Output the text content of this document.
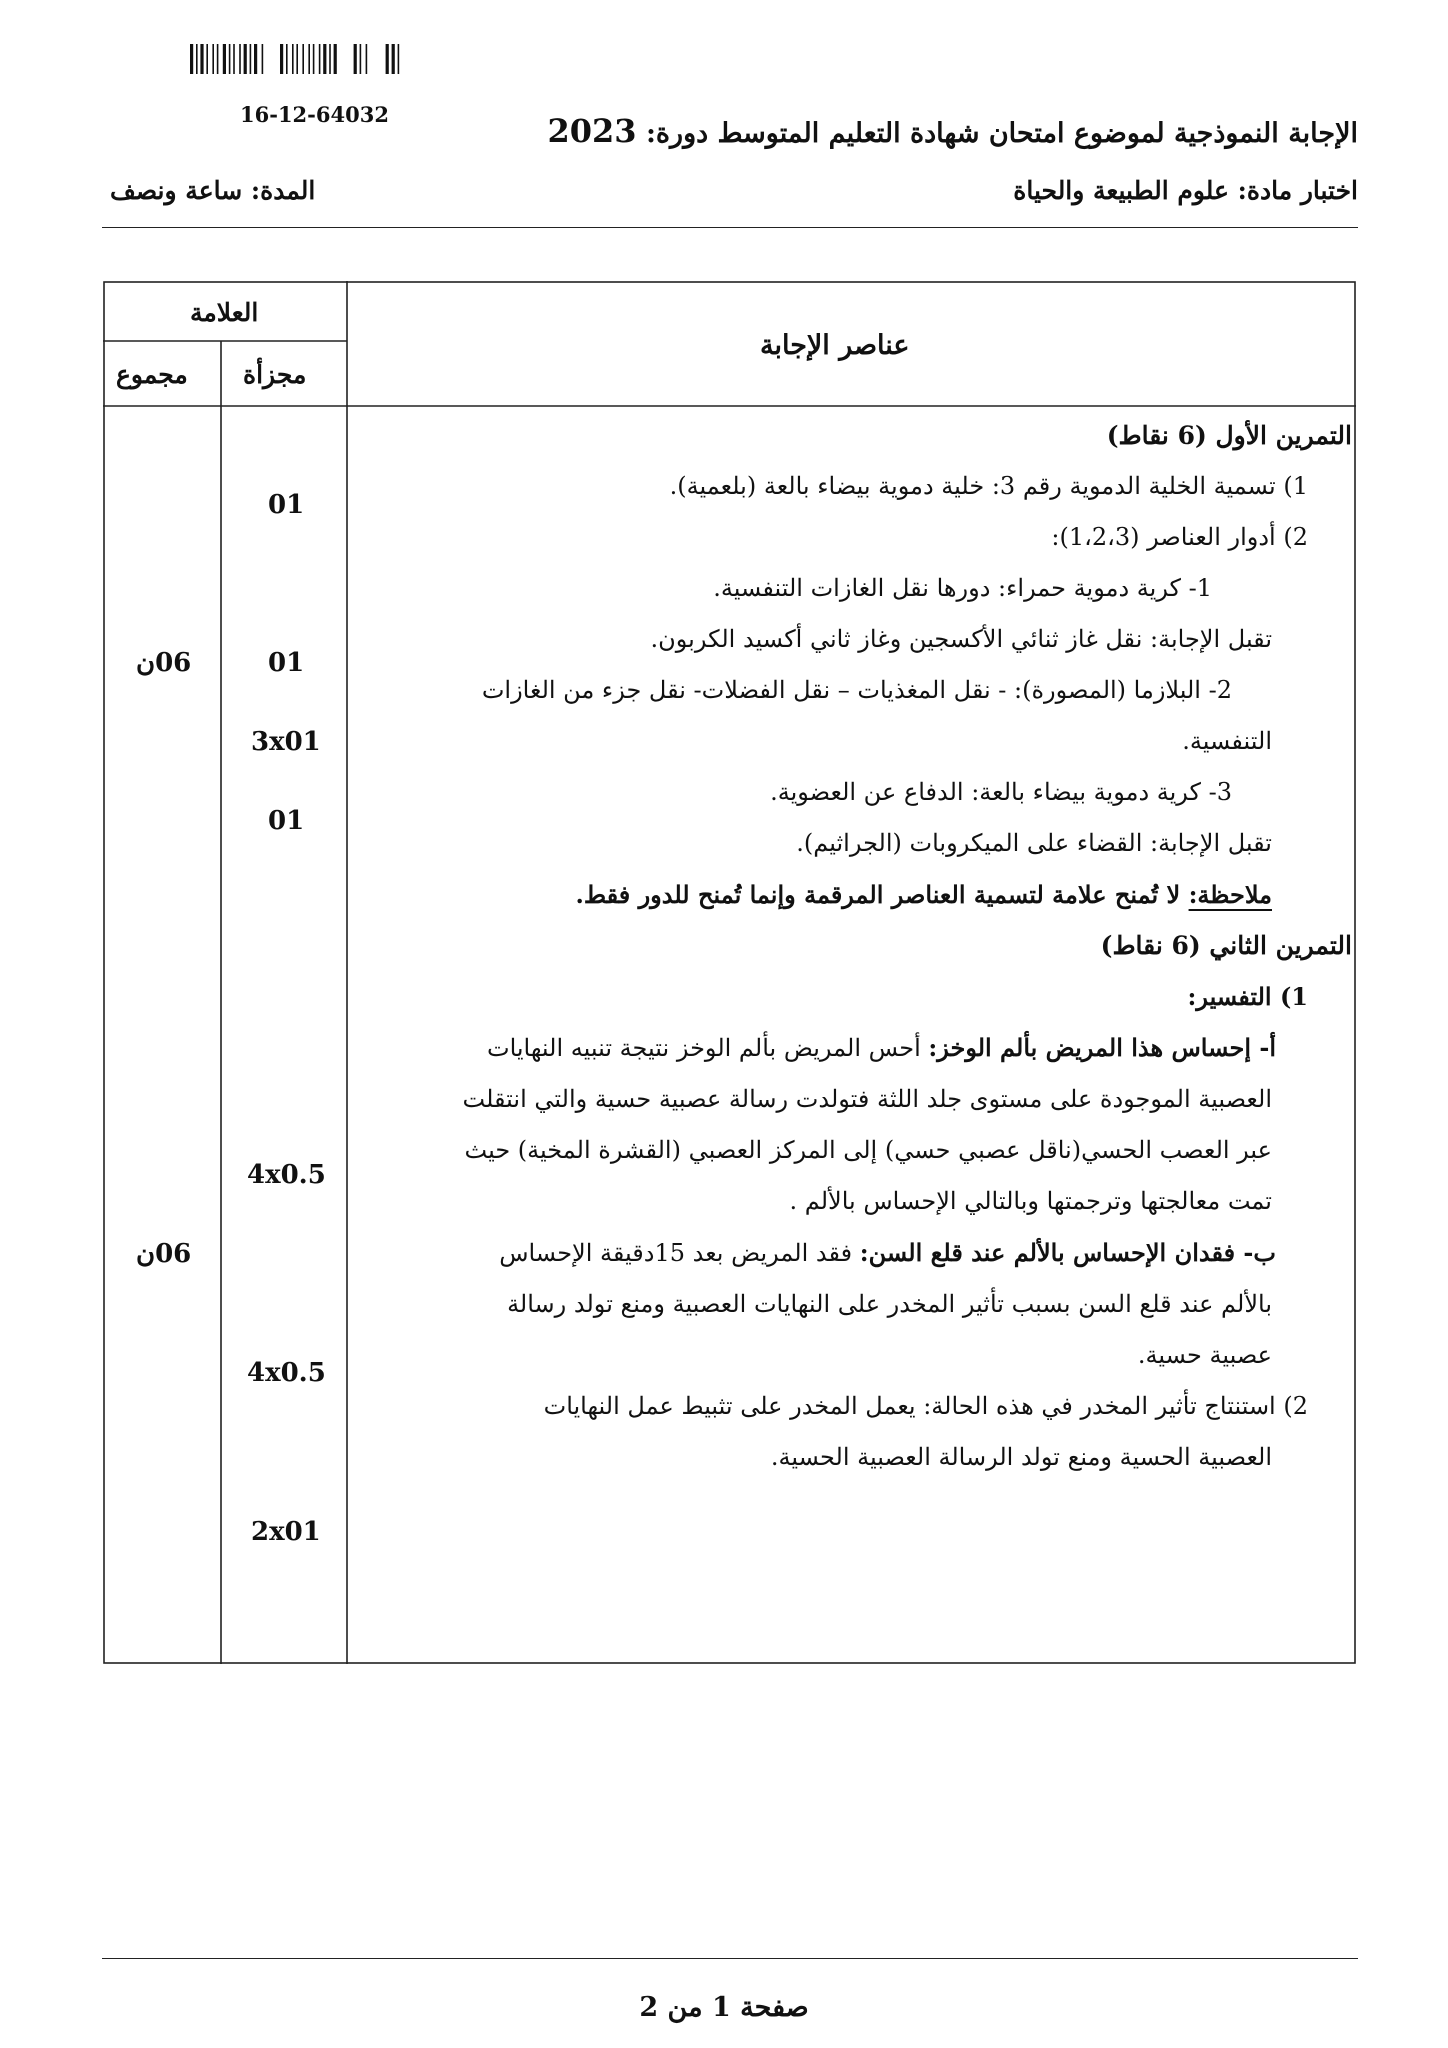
16-12-64032
الإجابة النموذجية لموضوع امتحان شهادة التعليم المتوسط دورة: 2023
اختبار مادة: علوم الطبيعة والحياة
المدة: ساعة ونصف
العلامة
مجزأة
مجموع
عناصر الإجابة
01
01
3x01
01
4x0.5
4x0.5
2x01
06ن
06ن
التمرين الأول (6 نقاط)
1) تسمية الخلية الدموية رقم 3: خلية دموية بيضاء بالعة (بلعمية).
2) أدوار العناصر (1،2،3):
1- كرية دموية حمراء: دورها نقل الغازات التنفسية.
تقبل الإجابة: نقل غاز ثنائي الأكسجين وغاز ثاني أكسيد الكربون.
2- البلازما (المصورة): - نقل المغذيات – نقل الفضلات- نقل جزء من الغازات
التنفسية.
3- كرية دموية بيضاء بالعة: الدفاع عن العضوية.
تقبل الإجابة: القضاء على الميكروبات (الجراثيم).
ملاحظة: لا تُمنح علامة لتسمية العناصر المرقمة وإنما تُمنح للدور فقط.
التمرين الثاني (6 نقاط)
1) التفسير:
أ- إحساس هذا المريض بألم الوخز: أحس المريض بألم الوخز نتيجة تنبيه النهايات
العصبية الموجودة على مستوى جلد اللثة فتولدت رسالة عصبية حسية والتي انتقلت
عبر العصب الحسي(ناقل عصبي حسي) إلى المركز العصبي (القشرة المخية) حيث
تمت معالجتها وترجمتها وبالتالي الإحساس بالألم .
ب- فقدان الإحساس بالألم عند قلع السن: فقد المريض بعد 15دقيقة الإحساس
بالألم عند قلع السن بسبب تأثير المخدر على النهايات العصبية ومنع تولد رسالة
عصبية حسية.
2) استنتاج تأثير المخدر في هذه الحالة: يعمل المخدر على تثبيط عمل النهايات
العصبية الحسية ومنع تولد الرسالة العصبية الحسية.
صفحة 1 من 2
